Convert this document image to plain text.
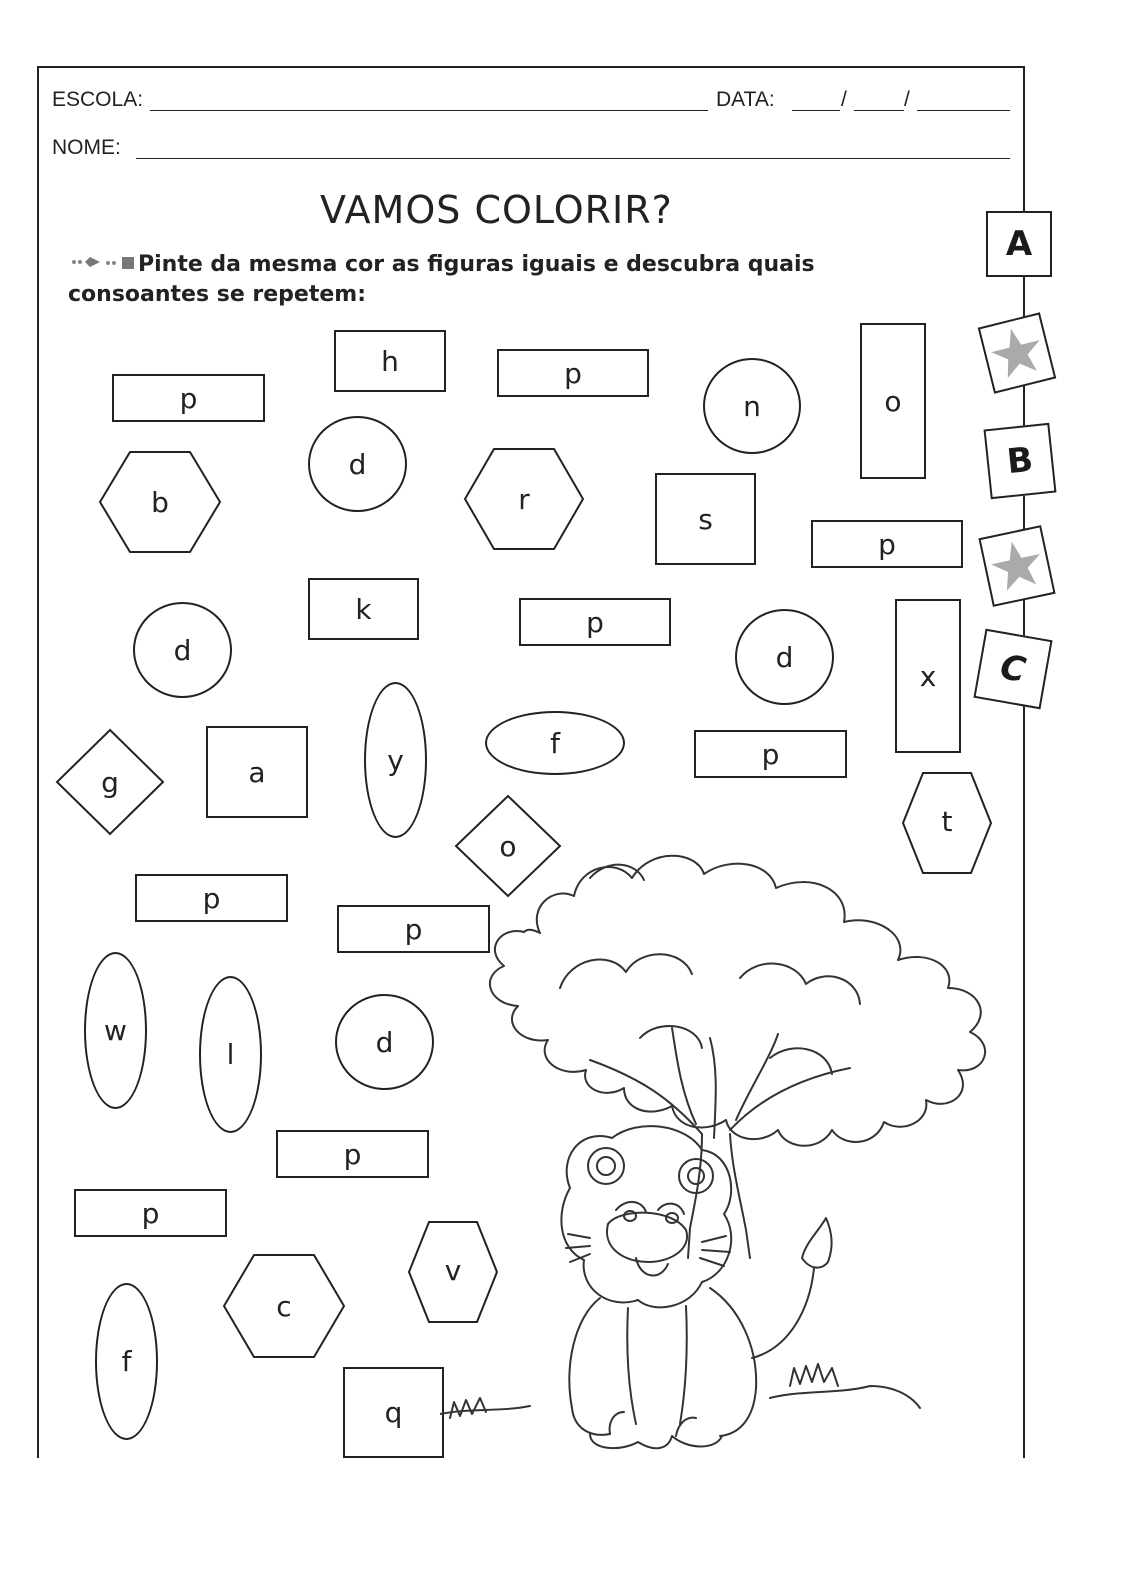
ESCOLA:	DATA:	/	/
NOME:
VAMOS COLORIR?
Pinte da mesma cor as figuras iguais e descubra quais
consoantes se repetem:
h
p
p
o
s
p
k	p
x
a
p
p
p
p
p
q
n
d
d	d
d
y
f
w
l
f
b	r
t
v
c
g
o
A
B
C
